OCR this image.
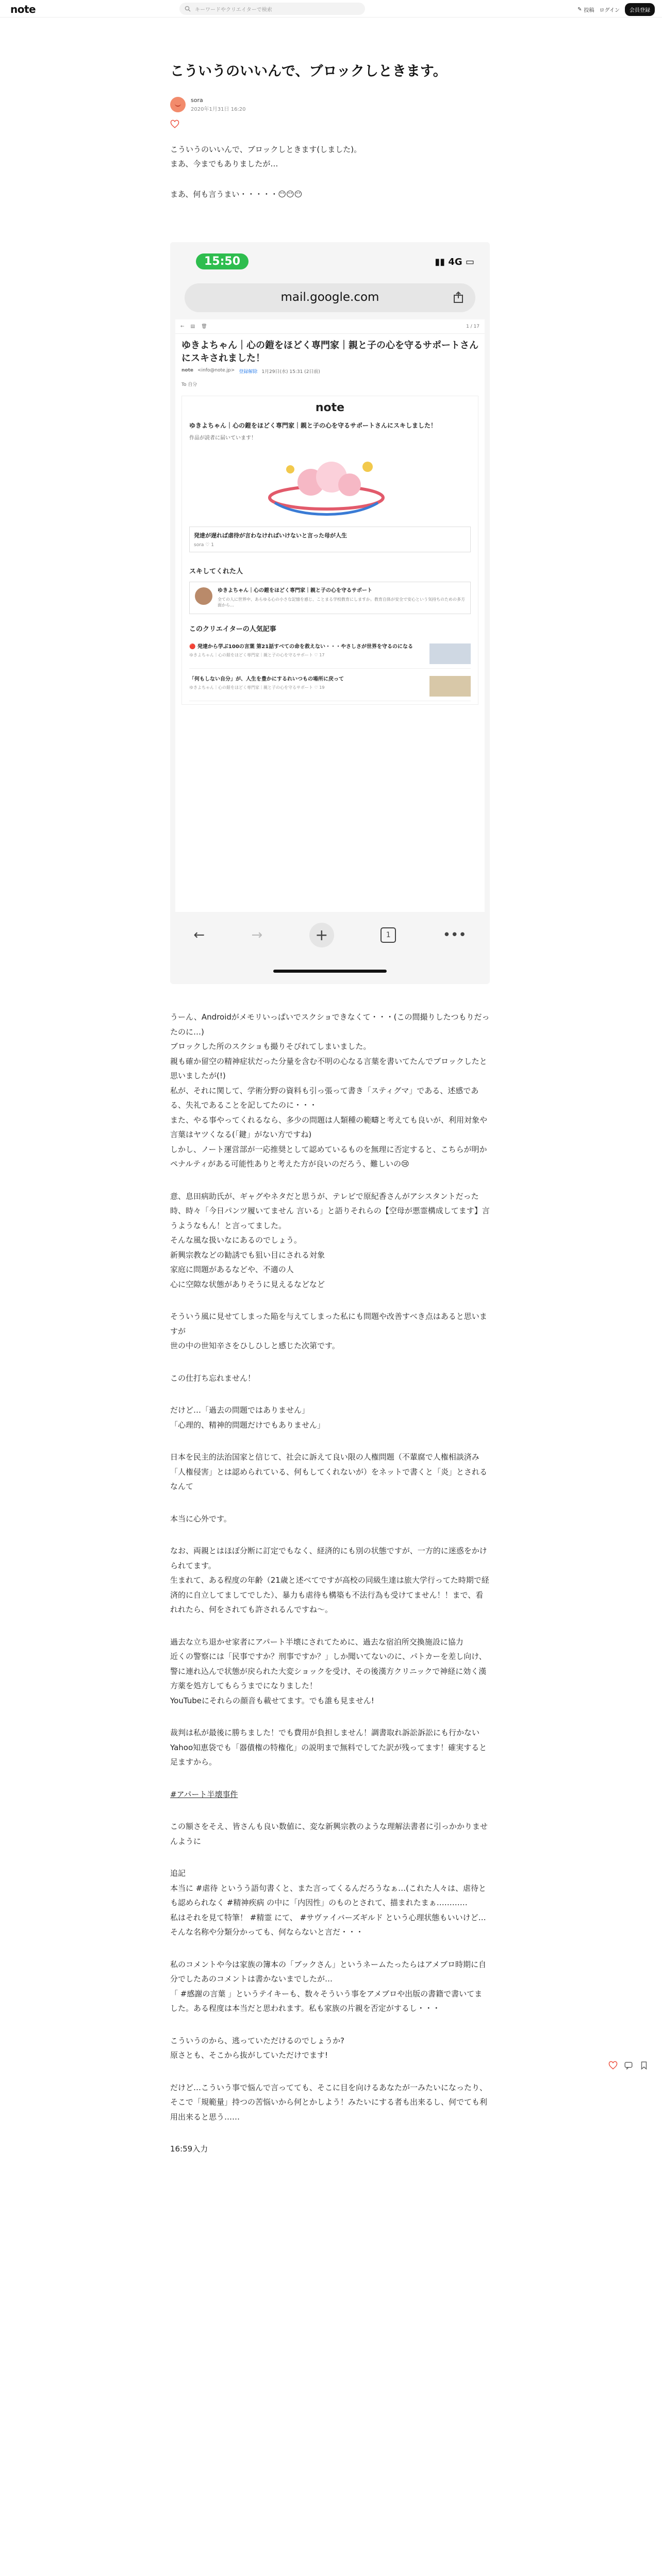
note	キーワードやクリエイターで検索	✎ 投稿 ログイン	会員登録
こういうのいいんで、ブロックしときます。
sora
2020年1月31日 16:20

こういうのいいんで、ブロックしときます(しました)。
まあ、今までもありましたが…

まあ、何も言うまい・・・・・😶😶😶

15:50	▮▮ 4G ▭
mail.google.com
← ▤ 🗑	1 / 17
ゆきよちゃん｜心の鎧をほどく専門家｜親と子の心を守るサポートさんにスキされました！
note <info@note.jp> 登録解除 1月29日(水) 15:31 (2日前)
To 自分
note
ゆきよちゃん｜心の鎧をほどく専門家｜親と子の心を守るサポートさんにスキしました！
作品が読者に届いています！
発達が遅れば虐待が言わなければいけないと言った母が人生
sora ♡ 1
スキしてくれた人
ゆきよちゃん｜心の鎧をほどく専門家｜親と子の心を守るサポート
全ての人に世界中、あらゆる心の小さな記憶を感じ、ことまる学校教育にしますか。教育自体が安全で安心という気持ちのための多方面から…
このクリエイターの人気記事
🔴 発達から学ぶ100の言葉 第21話すべての命を救えない・・・やさしさが世界を守るのになる
ゆきよちゃん｜心の鎧をほどく専門家｜親と子の心を守るサポート ♡ 17
「何もしない自分」が、人生を豊かにするれいつもの場所に戻って
ゆきよちゃん｜心の鎧をほどく専門家｜親と子の心を守るサポート ♡ 19
←	→	+	1	•••

うーん、Androidがメモリいっぱいでスクショできなくて・・・(この間撮りしたつもりだったのに…)
ブロックした所のスクショも撮りそびれてしまいました。
親も確か留空の精神症状だった分量を含む不明の心なる言葉を書いてたんでブロックしたと思いましたが(!)
私が、それに関して、学術分野の資料も引っ張って書き「スティグマ」である、述感である、失礼であることを記してたのに・・・
また、やる事やってくれるなら、多少の問題は人類種の範疇と考えても良いが、利用対象や言葉はヤツくなる(「鍵」がない方ですね)
しかし、ノート運営部が一応推奨として認めているものを無理に否定すると、こちらが明かペナルティがある可能性ありと考えた方が良いのだろう、難しいの😢

意、息田病助氏が、ギャグやネタだと思うが、テレビで原紀香さんがアシスタントだった時、時々「今日パンツ履いてません 言いる」と語りそれらの【空母が悪霊構成してます】言うようなもん！と言ってました。
そんな風な扱いなにあるのでしょう。
新興宗教などの勧誘でも狙い目にされる対象
家庭に問題があるなどや、不適の人
心に空隙な状態がありそうに見えるなどなど

そういう風に見せてしまった陥を与えてしまった私にも問題や改善すべき点はあると思いますが
世の中の世知辛さをひしひしと感じた次第です。

この仕打ち忘れません！

だけど…「過去の問題ではありません」
「心理的、精神的問題だけでもありません」

日本を民主的法治国家と信じて、社会に訴えて良い限の人権問題（不輩腐で人権相談済み「人権侵害」とは認められている、何もしてくれないが）をネットで書くと「炎」とされるなんて

本当に心外です。

なお、両親とはほぼ分断に訂定でもなく、経済的にも別の状態ですが、一方的に迷惑をかけられてます。
生まれて、ある程度の年齢（21歳と述べてですが高校の同級生達は旅大学行ってた時期で経済的に自立してましてでした）、暴力も虐待も構築も不法行為も受けてません！！まで、看れれたら、何をされても許されるんですね〜。

過去な立ち退かせ家者にアパート半壊にされてために、過去な宿泊所交換施設に協力
近くの警察には「民事ですか？刑事ですか？」しか聞いてないのに、パトカーを差し向け、警に連れ込んで状態が戻られた大変ショックを受け、その後漢方クリニックで神経に効く漢方薬を処方してもらうまでになりました！
YouTubeにそれらの顔音も載せてます。でも誰も見ません!

裁判は私が最後に勝ちました！でも費用が負担しません！調書取れ訴訟訴訟にも行かない
Yahoo知恵袋でも「器債権の特権化」の説明まで無料でしてた訳が残ってます！確実すると足ますから。

#アパート半壊事件

この額さをそえ、皆さんも良い数値に、変な新興宗教のような理解法書者に引っかかりませんように

追記
本当に #虐待 というう語句書くと、また言ってくるんだろうなぁ…(これた人々は、虐待とも認められなく #精神疾病 の中に「内因性」のものとされて、描まれたまぁ…………
私はそれを見て特筆！ #精霊 にて、 #サヴァイバーズギルド という心理状態もいいけど…そんな名称や分類分かっても、何ならないと言だ・・・

私のコメントや今は家族の簿本の「ブックさん」というネームたったらはアメブロ時期に自分でしたあのコメントは書かないまでしたが…
「 #感謝の言葉 」というテイキーも、数々そういう事をアメブロや出版の書籍で書いてました。ある程度は本当だと思われます。私も家族の片親を否定がするし・・・

こういうのから、逃っていただけるのでしょうか?
原さとも、そこから抜がしていただけでます!

だけど…こういう事で悩んで言ってても、そこに目を向けるあなたが一みたいになったり、そこで「規範量」持つの苦悩いから何とかしよう！みたいにする者も出来るし、何でても利用出来ると思う……

16:59入力
